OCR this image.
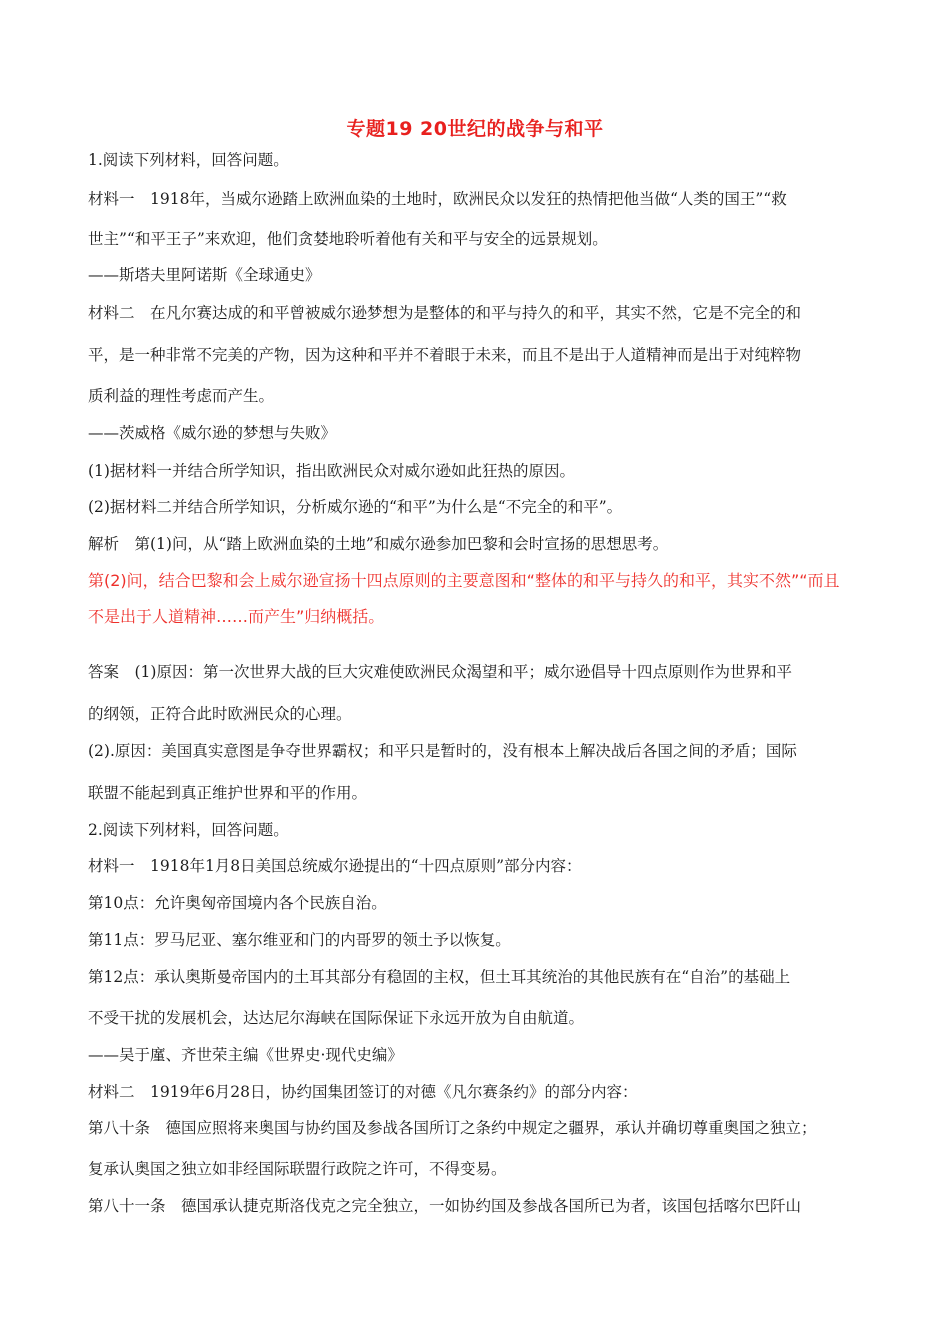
专题19 20世纪的战争与和平
1.阅读下列材料，回答问题。
材料一　1918年，当威尔逊踏上欧洲血染的土地时，欧洲民众以发狂的热情把他当做“人类的国王”“救
世主”“和平王子”来欢迎，他们贪婪地聆听着他有关和平与安全的远景规划。
——斯塔夫里阿诺斯《全球通史》
材料二　在凡尔赛达成的和平曾被威尔逊梦想为是整体的和平与持久的和平，其实不然，它是不完全的和
平，是一种非常不完美的产物，因为这种和平并不着眼于未来，而且不是出于人道精神而是出于对纯粹物
质利益的理性考虑而产生。
——茨威格《威尔逊的梦想与失败》
(1)据材料一并结合所学知识，指出欧洲民众对威尔逊如此狂热的原因。
(2)据材料二并结合所学知识，分析威尔逊的“和平”为什么是“不完全的和平”。
解析　第(1)问，从“踏上欧洲血染的土地”和威尔逊参加巴黎和会时宣扬的思想思考。
第(2)问，结合巴黎和会上威尔逊宣扬十四点原则的主要意图和“整体的和平与持久的和平，其实不然”“而且
不是出于人道精神……而产生”归纳概括。
答案　(1)原因：第一次世界大战的巨大灾难使欧洲民众渴望和平；威尔逊倡导十四点原则作为世界和平
的纲领，正符合此时欧洲民众的心理。
(2).原因：美国真实意图是争夺世界霸权；和平只是暂时的，没有根本上解决战后各国之间的矛盾；国际
联盟不能起到真正维护世界和平的作用。
2.阅读下列材料，回答问题。
材料一　1918年1月8日美国总统威尔逊提出的“十四点原则”部分内容：
第10点：允许奥匈帝国境内各个民族自治。
第11点：罗马尼亚、塞尔维亚和门的内哥罗的领土予以恢复。
第12点：承认奥斯曼帝国内的土耳其部分有稳固的主权，但土耳其统治的其他民族有在“自治”的基础上
不受干扰的发展机会，达达尼尔海峡在国际保证下永远开放为自由航道。
——吴于廑、齐世荣主编《世界史·现代史编》
材料二　1919年6月28日，协约国集团签订的对德《凡尔赛条约》的部分内容：
第八十条　德国应照将来奥国与协约国及参战各国所订之条约中规定之疆界，承认并确切尊重奥国之独立；
复承认奥国之独立如非经国际联盟行政院之许可，不得变易。
第八十一条　德国承认捷克斯洛伐克之完全独立，一如协约国及参战各国所已为者，该国包括喀尔巴阡山
